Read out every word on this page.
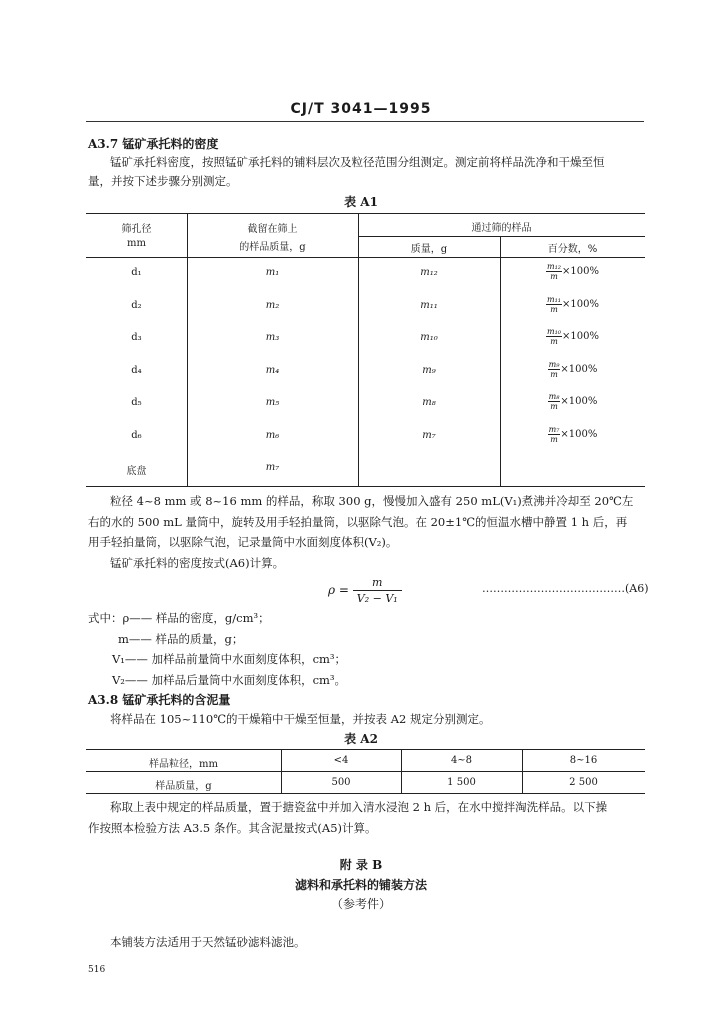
CJ/T 3041—1995
A3.7 锰矿承托料的密度
锰矿承托料密度，按照锰矿承托料的铺料层次及粒径范围分组测定。测定前将样品洗净和干燥至恒
量，并按下述步骤分别测定。
表 A1
筛孔径
mm
截留在筛上
的样品质量，g
通过筛的样品
质量，g	百分数，%
d₁	m₁	m₁₂	$\frac{\text{m₁₂}}{m} \times 100\%$
d₂	m₂	m₁₁	$\frac{\text{m₁₁}}{m} \times 100\%$
d₃	m₃	m₁₀	$\frac{\text{m₁₀}}{m} \times 100\%$
d₄	m₄	m₉	$\frac{\text{m₉}}{m} \times 100\%$
d₅	m₅	m₈	$\frac{\text{m₈}}{m} \times 100\%$
d₆	m₆	m₇	$\frac{\text{m₇}}{m} \times 100\%$
底盘	m₇
粒径 4~8 mm 或 8~16 mm 的样品，称取 300 g，慢慢加入盛有 250 mL(V₁)煮沸并冷却至 20℃左
右的水的 500 mL 量筒中，旋转及用手轻拍量筒，以驱除气泡。在 20±1℃的恒温水槽中静置 1 h 后，再
用手轻拍量筒，以驱除气泡，记录量筒中水面刻度体积(V₂)。
锰矿承托料的密度按式(A6)计算。
$\rho = \frac{m}{\text{V₂ − V₁}}$	…………………………………(A6)
式中：ρ—— 样品的密度，g/cm³；
m—— 样品的质量，g；
V₁—— 加样品前量筒中水面刻度体积，cm³；
V₂—— 加样品后量筒中水面刻度体积，cm³。
A3.8 锰矿承托料的含泥量
将样品在 105~110℃的干燥箱中干燥至恒量，并按表 A2 规定分别测定。
表 A2
样品粒径，mm	<4	4~8	8~16
样品质量，g	500	1 500	2 500
称取上表中规定的样品质量，置于搪瓷盆中并加入清水浸泡 2 h 后，在水中搅拌淘洗样品。以下操
作按照本检验方法 A3.5 条作。其含泥量按式(A5)计算。
附 录 B
滤料和承托料的铺装方法
（参考件）
本铺装方法适用于天然锰砂滤料滤池。
516
